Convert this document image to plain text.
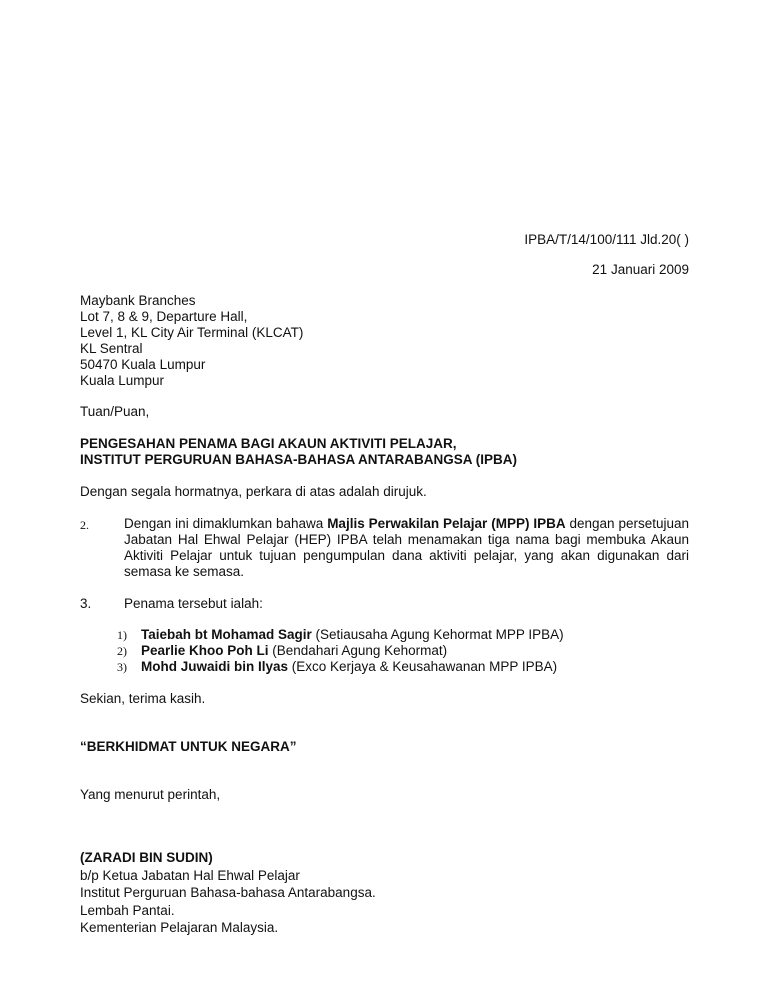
IPBA/T/14/100/111 Jld.20( )
21 Januari 2009
Maybank Branches
Lot 7, 8 & 9, Departure Hall,
Level 1, KL City Air Terminal (KLCAT)
KL Sentral
50470 Kuala Lumpur
Kuala Lumpur
Tuan/Puan,
PENGESAHAN PENAMA BAGI AKAUN AKTIVITI PELAJAR,
INSTITUT PERGURUAN BAHASA-BAHASA ANTARABANGSA (IPBA)
Dengan segala hormatnya, perkara di atas adalah dirujuk.
2.	Dengan ini dimaklumkan bahawa Majlis Perwakilan Pelajar (MPP) IPBA dengan persetujuan Jabatan Hal Ehwal Pelajar (HEP) IPBA telah menamakan tiga nama bagi membuka Akaun Aktiviti Pelajar untuk tujuan pengumpulan dana aktiviti pelajar, yang akan digunakan dari semasa ke semasa.
3. Penama tersebut ialah:
1) Taiebah bt Mohamad Sagir (Setiausaha Agung Kehormat MPP IPBA)
2) Pearlie Khoo Poh Li (Bendahari Agung Kehormat)
3) Mohd Juwaidi bin Ilyas (Exco Kerjaya & Keusahawanan MPP IPBA)
Sekian, terima kasih.
“BERKHIDMAT UNTUK NEGARA”
Yang menurut perintah,
(ZARADI BIN SUDIN)
b/p Ketua Jabatan Hal Ehwal Pelajar
Institut Perguruan Bahasa-bahasa Antarabangsa.
Lembah Pantai.
Kementerian Pelajaran Malaysia.
